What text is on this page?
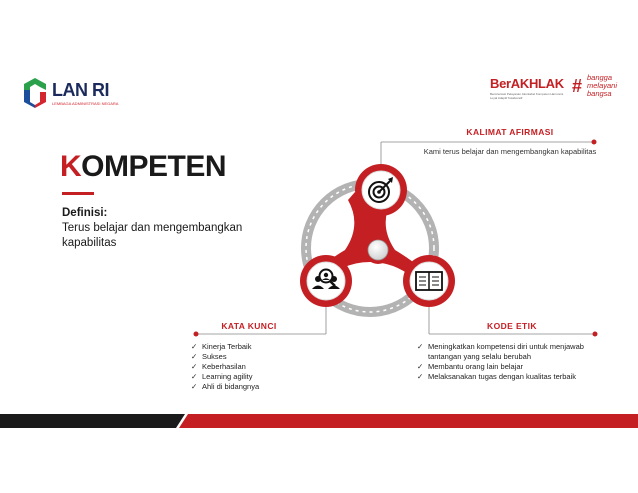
LAN RI
LEMBAGA ADMINISTRASI NEGARA
BerAKHLAK
Berorientasi Pelayanan Akuntabel Kompeten Harmonis Loyal Adaptif Kolaboratif
# bangga
melayani
bangsa
KOMPETEN
Definisi:
Terus belajar dan mengembangkan kapabilitas
KALIMAT AFIRMASI
Kami terus belajar dan mengembangkan kapabilitas
KATA KUNCI
✓ Kinerja Terbaik
✓ Sukses
✓ Keberhasilan
✓ Learning agility
✓ Ahli di bidangnya
KODE ETIK
✓ Meningkatkan kompetensi diri untuk menjawab tantangan yang selalu berubah
✓ Membantu orang lain belajar
✓ Melaksanakan tugas dengan kualitas terbaik
